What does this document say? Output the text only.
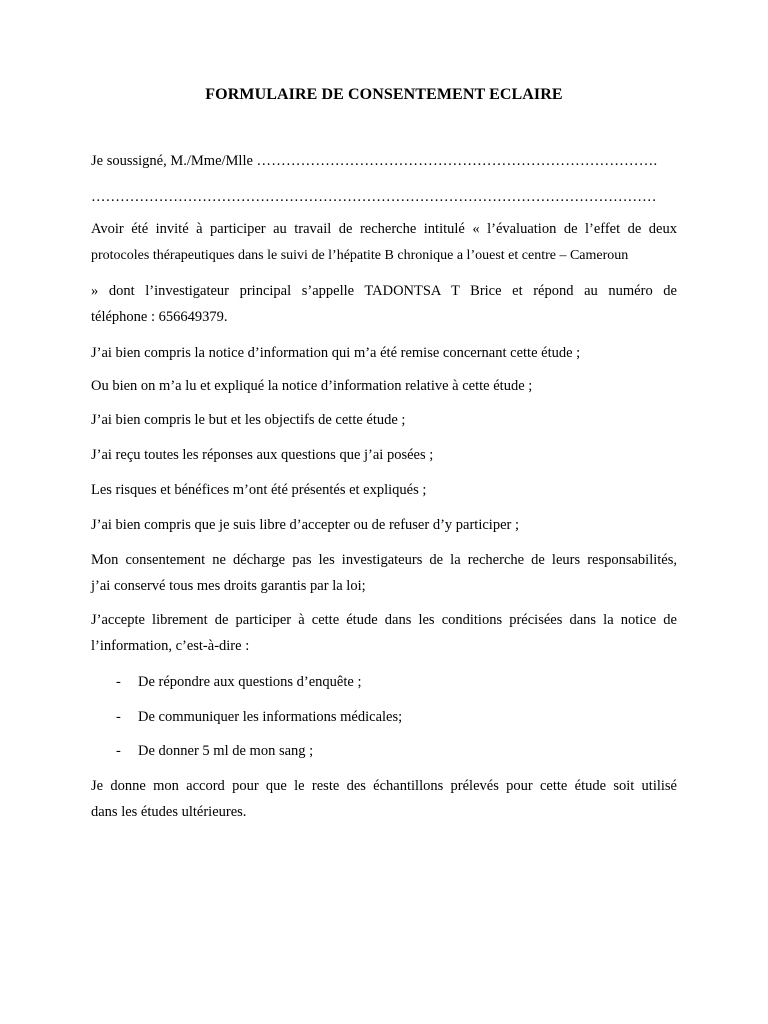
FORMULAIRE DE CONSENTEMENT ECLAIRE
Je soussigné, M./Mme/Mlle ……………………………………………………………………….
………………………………………………………………………………………………………
Avoir été invité à participer au travail de recherche intitulé « l’évaluation de l’effet de deux
protocoles thérapeutiques dans le suivi de l’hépatite B chronique a l’ouest et centre – Cameroun
» dont l’investigateur principal s’appelle TADONTSA T Brice et répond au numéro de
téléphone : 656649379.
J’ai bien compris la notice d’information qui m’a été remise concernant cette étude ;
Ou bien on m’a lu et expliqué la notice d’information relative à cette étude ;
J’ai bien compris le but et les objectifs de cette étude ;
J’ai reçu toutes les réponses aux questions que j’ai posées ;
Les risques et bénéfices m’ont été présentés et expliqués ;
J’ai bien compris que je suis libre d’accepter ou de refuser d’y participer ;
Mon consentement ne décharge pas les investigateurs de la recherche de leurs responsabilités,
j’ai conservé tous mes droits garantis par la loi;
J’accepte librement de participer à cette étude dans les conditions précisées dans la notice de
l’information, c’est-à-dire :
- De répondre aux questions d’enquête ;
- De communiquer les informations médicales;
- De donner 5 ml de mon sang ;
Je donne mon accord pour que le reste des échantillons prélevés pour cette étude soit utilisé
dans les études ultérieures.
